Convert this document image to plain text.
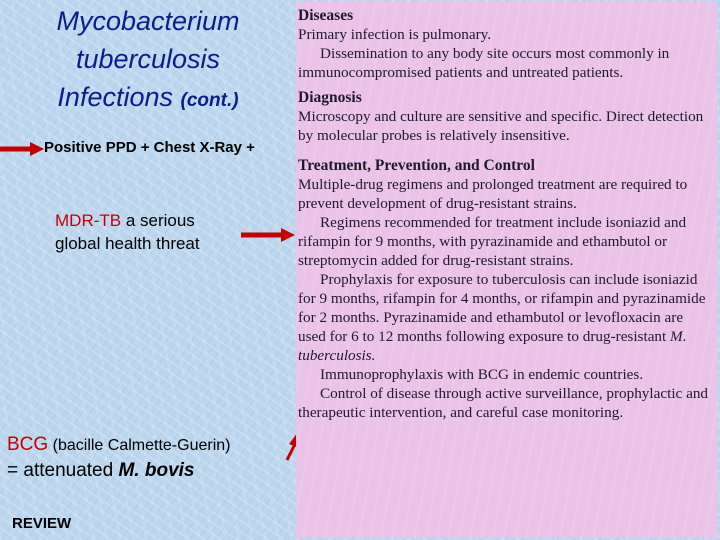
Mycobacterium
tuberculosis
Infections (cont.)
Positive PPD + Chest X-Ray +
MDR-TB a serious
global health threat
BCG (bacille Calmette-Guerin)
= attenuated M. bovis
REVIEW

Diseases

Primary infection is pulmonary.

Dissemination to any body site occurs most commonly in immunocompromised patients and untreated patients.

Diagnosis

Microscopy and culture are sensitive and specific. Direct detection by molecular probes is relatively insensitive.

Treatment, Prevention, and Control

Multiple-drug regimens and prolonged treatment are required to prevent development of drug-resistant strains.

Regimens recommended for treatment include isoniazid and rifampin for 9 months, with pyrazinamide and ethambutol or streptomycin added for drug-resistant strains.

Prophylaxis for exposure to tuberculosis can include isoniazid for 9 months, rifampin for 4 months, or rifampin and pyrazinamide for 2 months. Pyrazinamide and ethambutol or levofloxacin are used for 6 to 12 months following exposure to drug-resistant M. tuberculosis.

Immunoprophylaxis with BCG in endemic countries.

Control of disease through active surveillance, prophylactic and therapeutic intervention, and careful case monitoring.
